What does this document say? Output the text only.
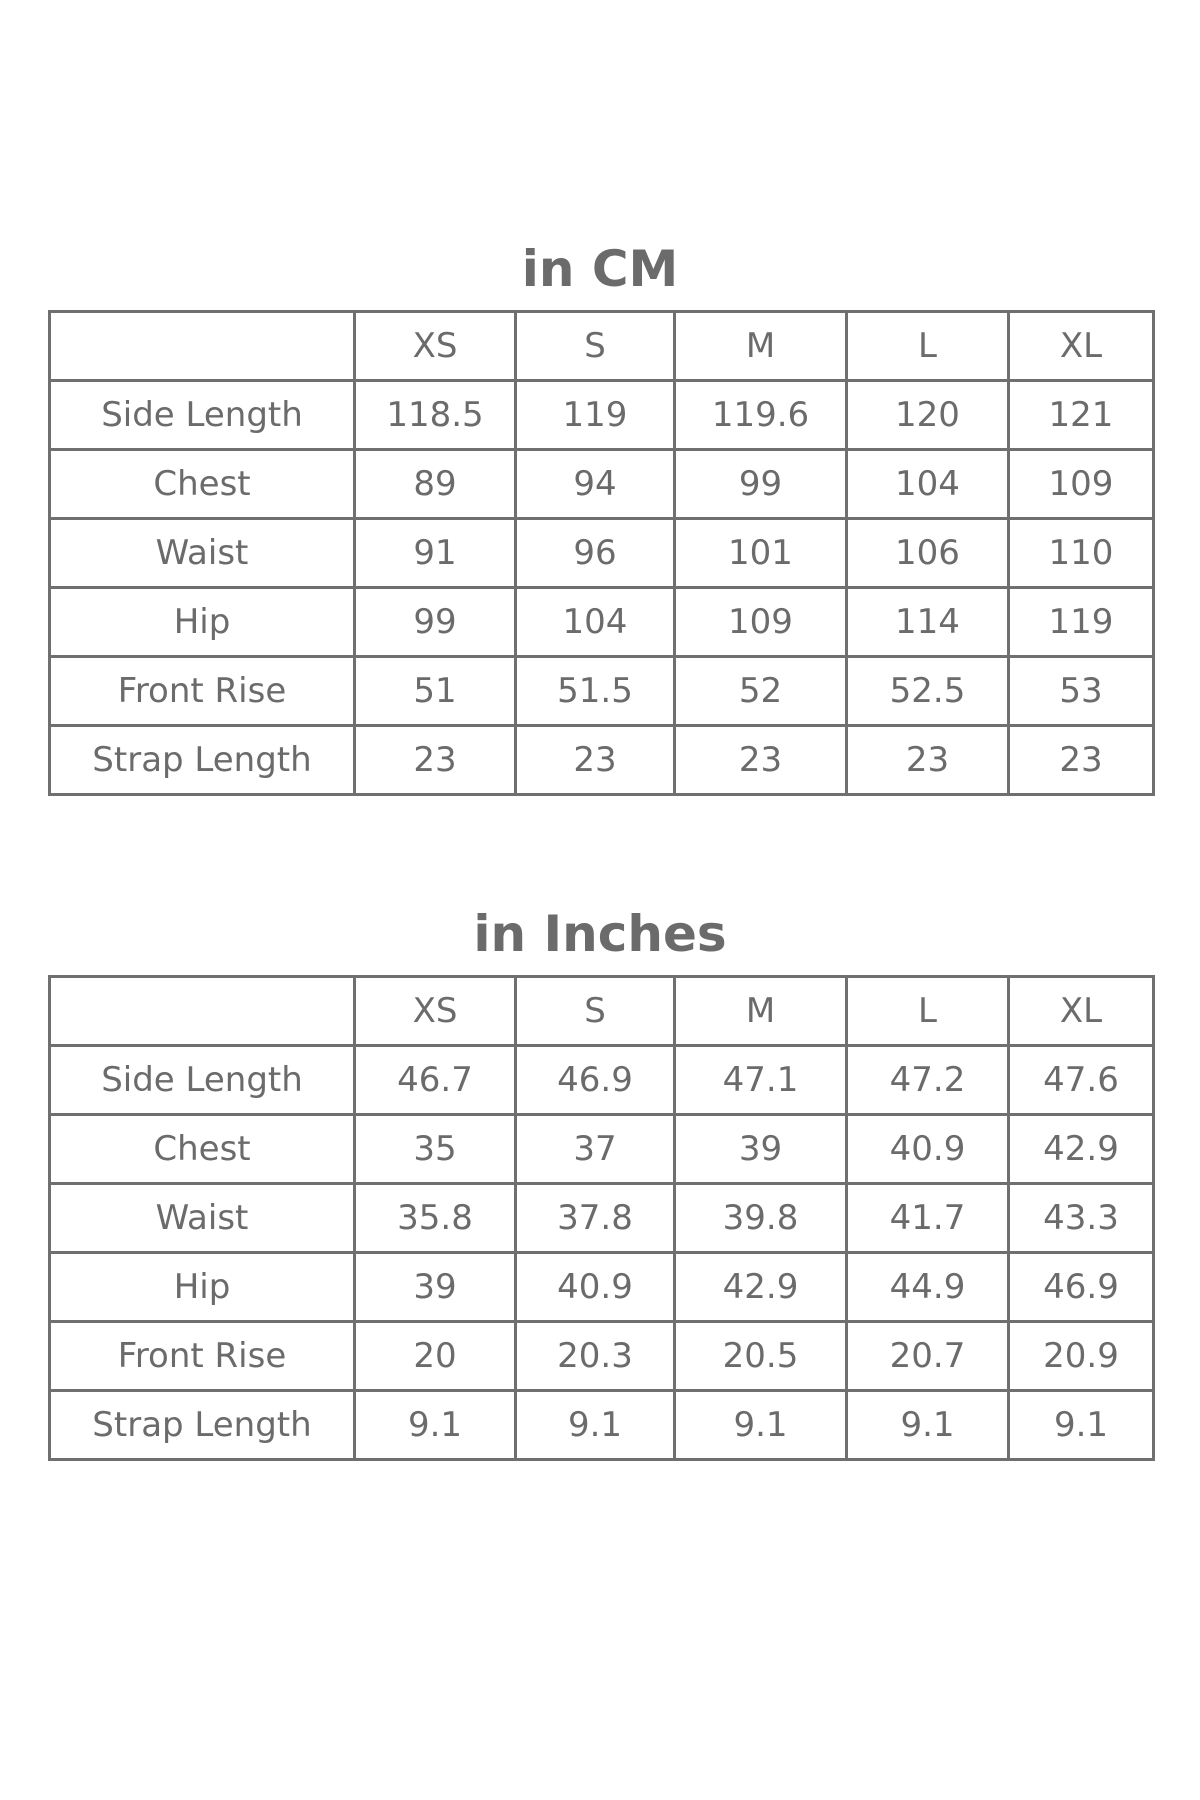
in CM
	XS	S	M	L	XL
Side Length	118.5	119	119.6	120	121
Chest	89	94	99	104	109
Waist	91	96	101	106	110
Hip	99	104	109	114	119
Front Rise	51	51.5	52	52.5	53
Strap Length	23	23	23	23	23
in Inches
	XS	S	M	L	XL
Side Length	46.7	46.9	47.1	47.2	47.6
Chest	35	37	39	40.9	42.9
Waist	35.8	37.8	39.8	41.7	43.3
Hip	39	40.9	42.9	44.9	46.9
Front Rise	20	20.3	20.5	20.7	20.9
Strap Length	9.1	9.1	9.1	9.1	9.1
